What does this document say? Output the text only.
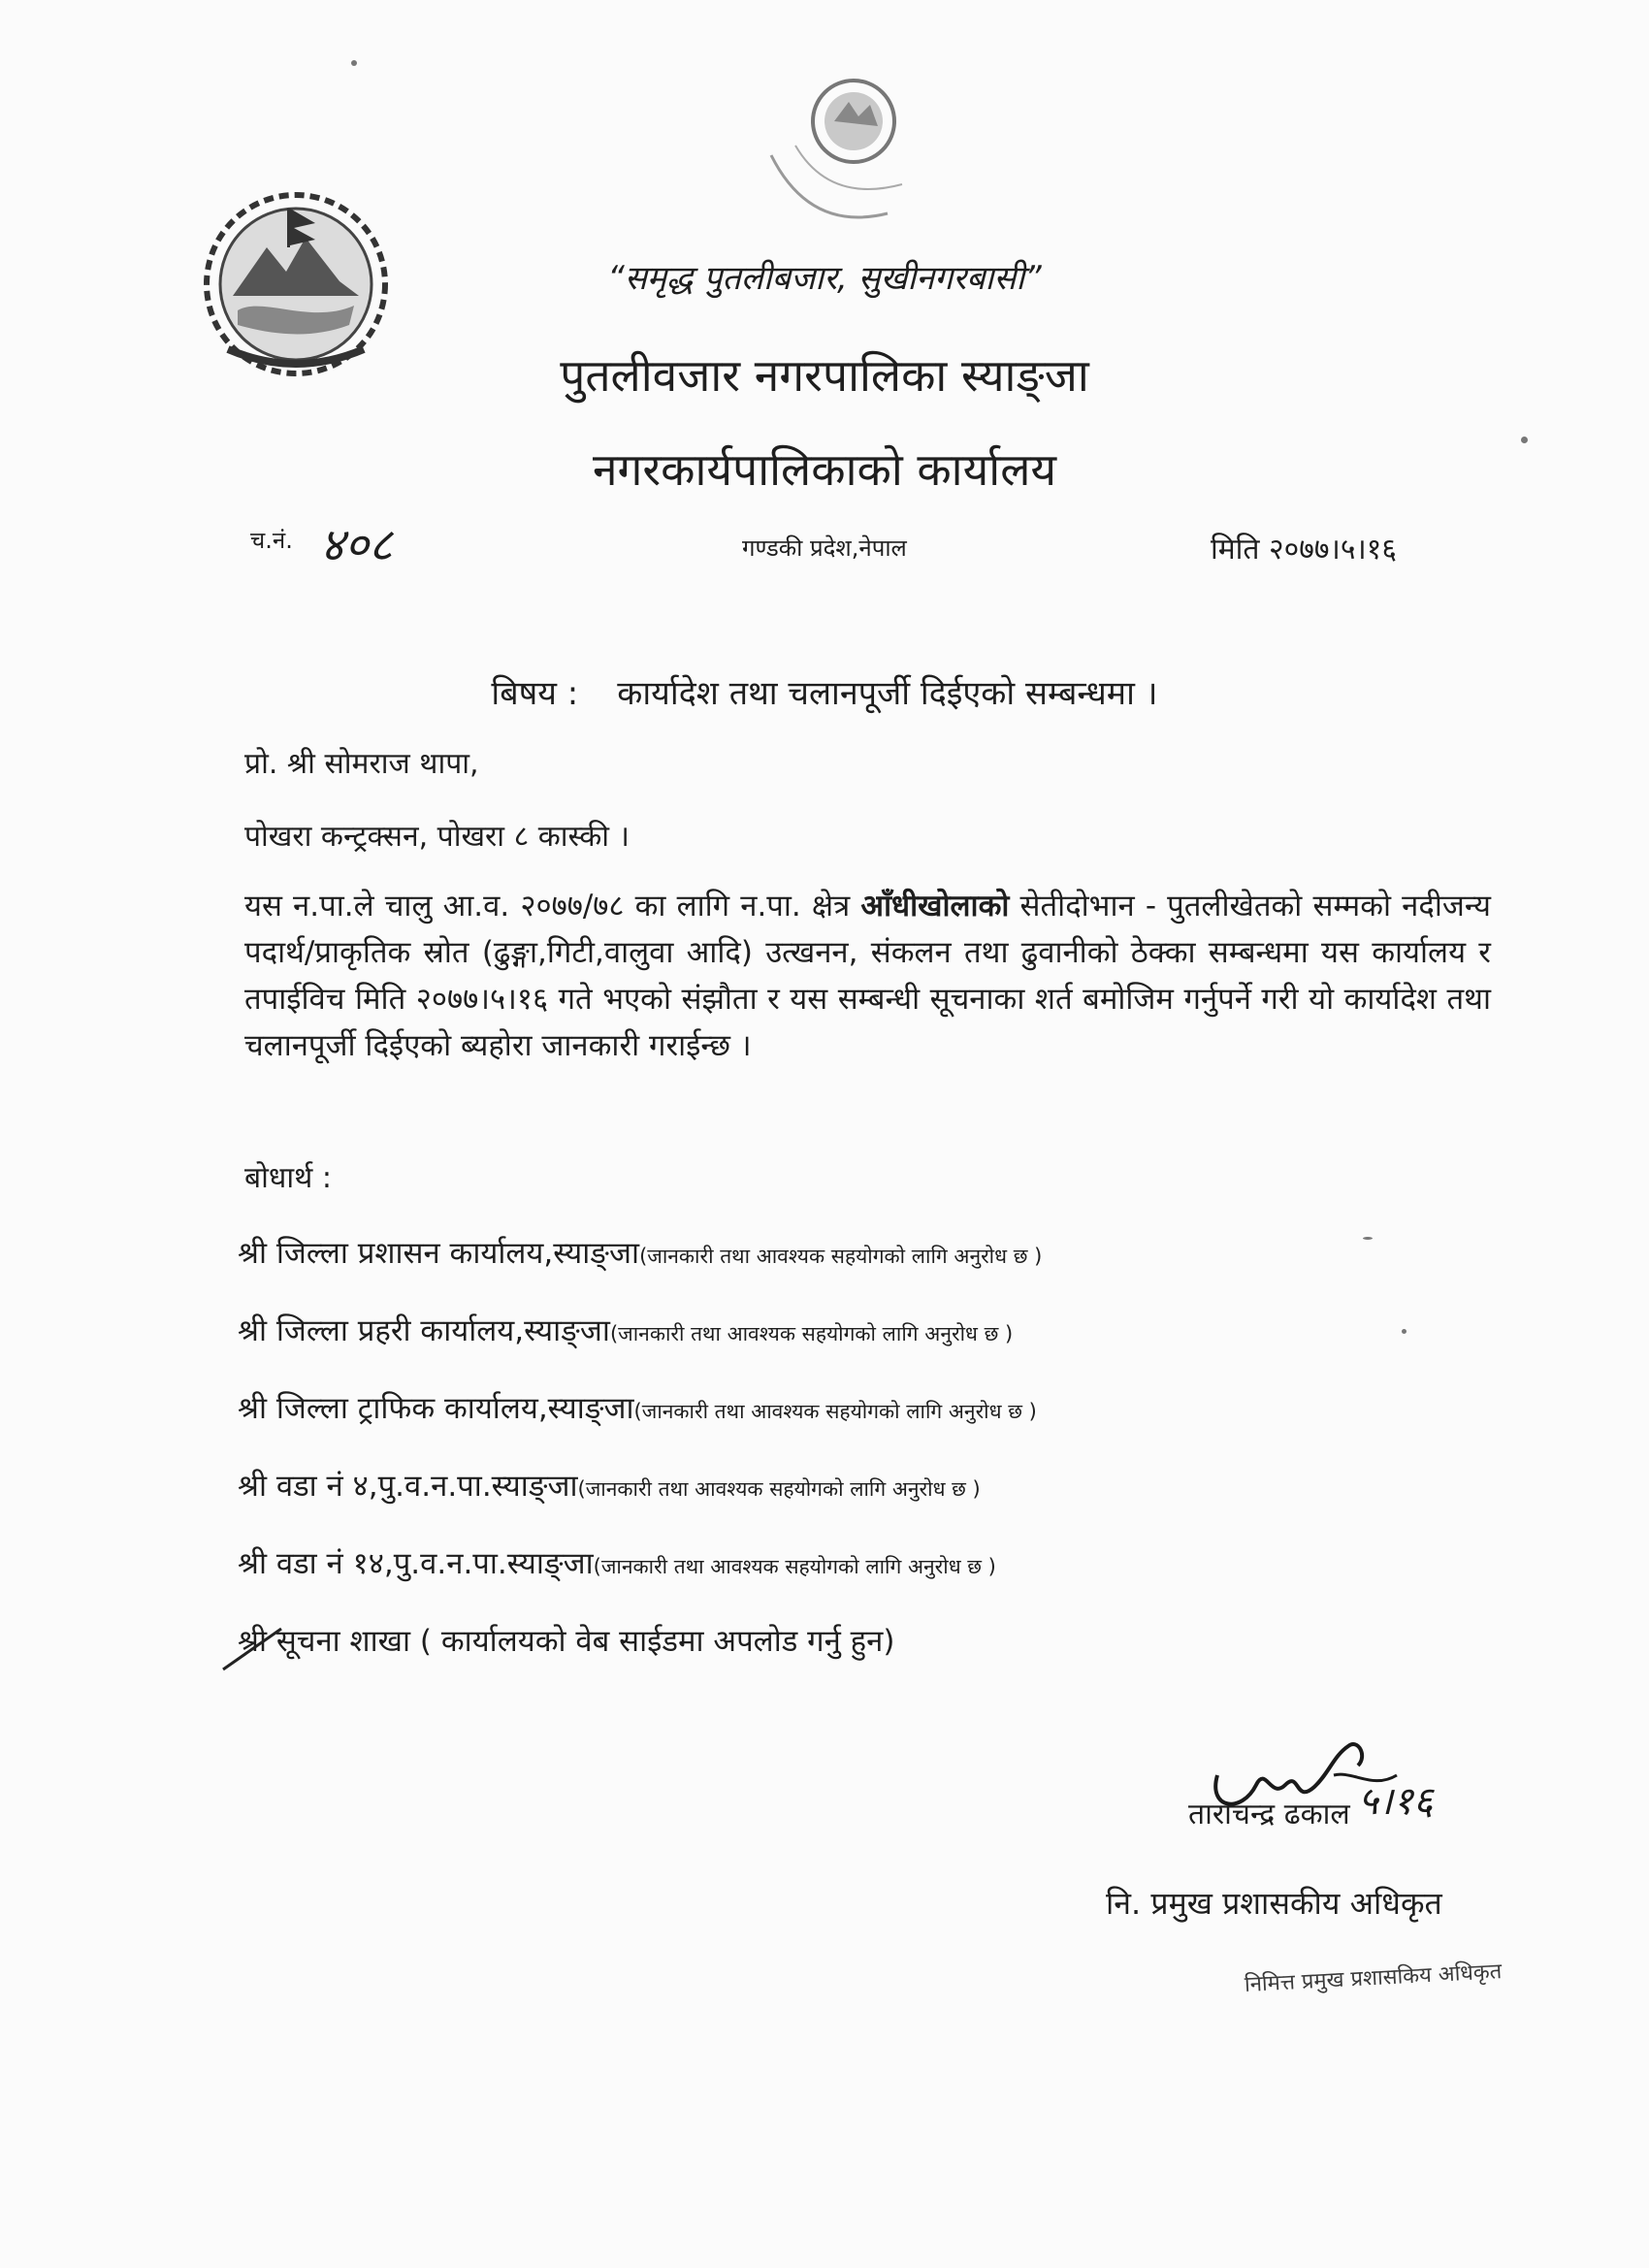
“समृद्ध पुतलीबजार, सुखीनगरबासी”
पुतलीवजार नगरपालिका स्याङ्जा
नगरकार्यपालिकाको कार्यालय
च.नं. ४०८	गण्डकी प्रदेश,नेपाल	मिति २०७७।५।१६
बिषय : कार्यादेश तथा चलानपूर्जी दिईएको सम्बन्धमा ।
प्रो. श्री सोमराज थापा,
पोखरा कन्ट्रक्सन, पोखरा ८ कास्की ।
यस न.पा.ले चालु आ.व. २०७७/७८ का लागि न.पा. क्षेत्र आँधीखोलाको सेतीदोभान - पुतलीखेतको सम्मको नदीजन्य पदार्थ/प्राकृतिक स्रोत (ढुङ्गा,गिटी,वालुवा आदि) उत्खनन, संकलन तथा ढुवानीको ठेक्का सम्बन्धमा यस कार्यालय र तपाईविच मिति २०७७।५।१६ गते भएको संझौता र यस सम्बन्धी सूचनाका शर्त बमोजिम गर्नुपर्ने गरी यो कार्यादेश तथा चलानपूर्जी दिईएको ब्यहोरा जानकारी गराईन्छ ।
बोधार्थ :
श्री जिल्ला प्रशासन कार्यालय,स्याङ्जा(जानकारी तथा आवश्यक सहयोगको लागि अनुरोध छ )
श्री जिल्ला प्रहरी कार्यालय,स्याङ्जा(जानकारी तथा आवश्यक सहयोगको लागि अनुरोध छ )
श्री जिल्ला ट्राफिक कार्यालय,स्याङ्जा(जानकारी तथा आवश्यक सहयोगको लागि अनुरोध छ )
श्री वडा नं ४,पु.व.न.पा.स्याङ्जा(जानकारी तथा आवश्यक सहयोगको लागि अनुरोध छ )
श्री वडा नं १४,पु.व.न.पा.स्याङ्जा(जानकारी तथा आवश्यक सहयोगको लागि अनुरोध छ )
श्री सूचना शाखा ( कार्यालयको वेब साईडमा अपलोड गर्नु हुन)
५।१६
ताराचन्द्र ढकाल
नि. प्रमुख प्रशासकीय अधिकृत
निमित्त प्रमुख प्रशासकिय अधिकृत
